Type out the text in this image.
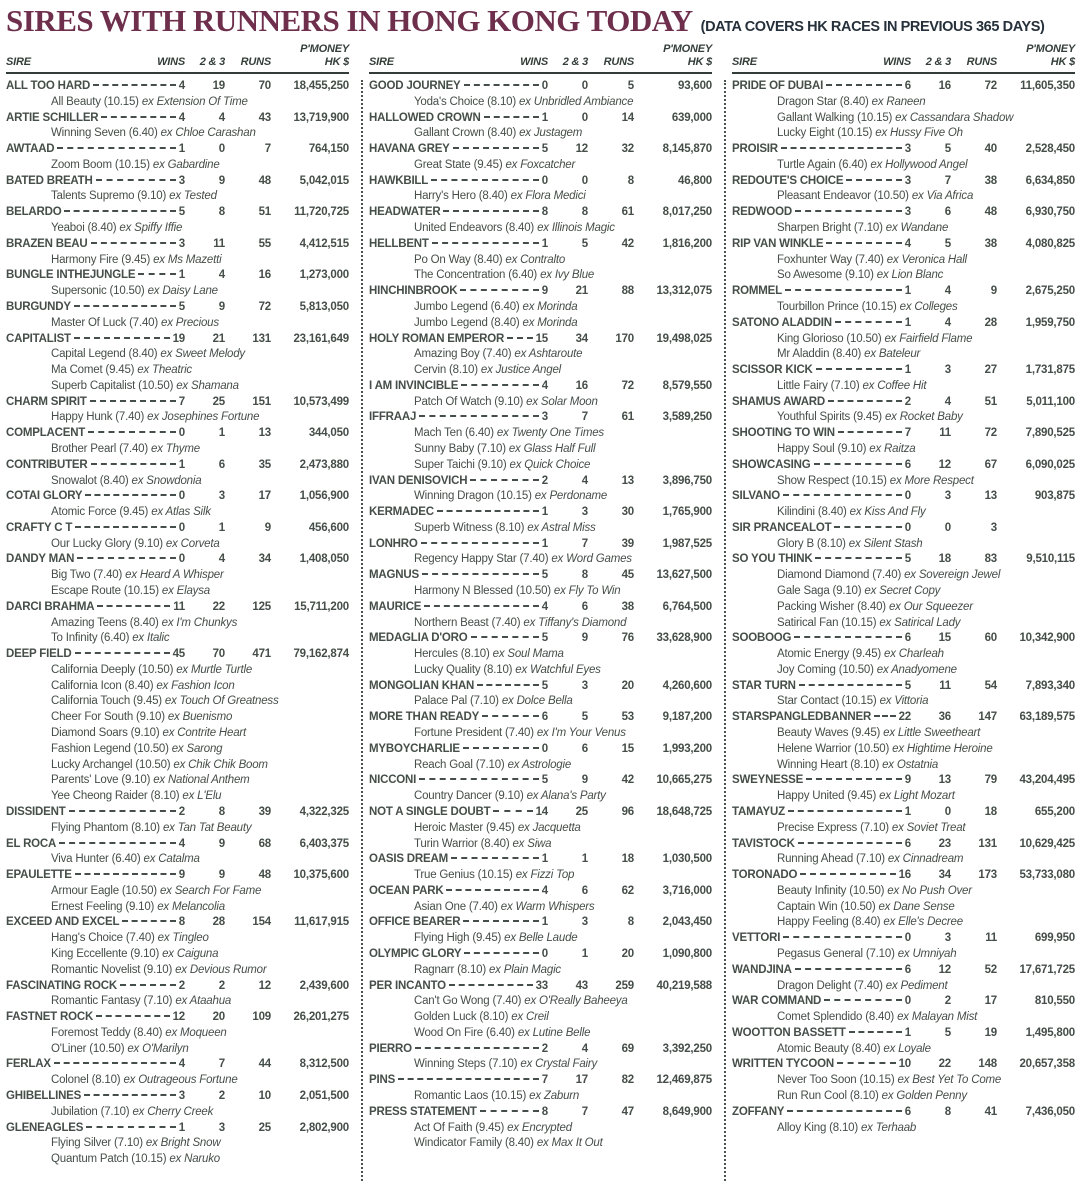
SIRES WITH RUNNERS IN HONG KONG TODAY (DATA COVERS HK RACES IN PREVIOUS 365 DAYS)
P'MONEY
SIRE	WINS	2 & 3	RUNS	HK $
ALL TOO HARD	4	19	70	18,455,250
All Beauty (10.15) ex Extension Of Time
ARTIE SCHILLER	4	4	43	13,719,900
Winning Seven (6.40) ex Chloe Carashan
AWTAAD	1	0	7	764,150
Zoom Boom (10.15) ex Gabardine
BATED BREATH	3	9	48	5,042,015
Talents Supremo (9.10) ex Tested
BELARDO	5	8	51	11,720,725
Yeaboi (8.40) ex Spiffy Iffie
BRAZEN BEAU	3	11	55	4,412,515
Harmony Fire (9.45) ex Ms Mazetti
BUNGLE INTHEJUNGLE	1	4	16	1,273,000
Supersonic (10.50) ex Daisy Lane
BURGUNDY	5	9	72	5,813,050
Master Of Luck (7.40) ex Precious
CAPITALIST	19	21	131	23,161,649
Capital Legend (8.40) ex Sweet Melody
Ma Comet (9.45) ex Theatric
Superb Capitalist (10.50) ex Shamana
CHARM SPIRIT	7	25	151	10,573,499
Happy Hunk (7.40) ex Josephines Fortune
COMPLACENT	0	1	13	344,050
Brother Pearl (7.40) ex Thyme
CONTRIBUTER	1	6	35	2,473,880
Snowalot (8.40) ex Snowdonia
COTAI GLORY	0	3	17	1,056,900
Atomic Force (9.45) ex Atlas Silk
CRAFTY C T	0	1	9	456,600
Our Lucky Glory (9.10) ex Corveta
DANDY MAN	0	4	34	1,408,050
Big Two (7.40) ex Heard A Whisper
Escape Route (10.15) ex Elaysa
DARCI BRAHMA	11	22	125	15,711,200
Amazing Teens (8.40) ex I'm Chunkys
To Infinity (6.40) ex Italic
DEEP FIELD	45	70	471	79,162,874
California Deeply (10.50) ex Murtle Turtle
California Icon (8.40) ex Fashion Icon
California Touch (9.45) ex Touch Of Greatness
Cheer For South (9.10) ex Buenismo
Diamond Soars (9.10) ex Contrite Heart
Fashion Legend (10.50) ex Sarong
Lucky Archangel (10.50) ex Chik Chik Boom
Parents' Love (9.10) ex National Anthem
Yee Cheong Raider (8.10) ex L'Elu
DISSIDENT	2	8	39	4,322,325
Flying Phantom (8.10) ex Tan Tat Beauty
EL ROCA	4	9	68	6,403,375
Viva Hunter (6.40) ex Catalma
EPAULETTE	9	9	48	10,375,600
Armour Eagle (10.50) ex Search For Fame
Ernest Feeling (9.10) ex Melancolia
EXCEED AND EXCEL	8	28	154	11,617,915
Hang's Choice (7.40) ex Tingleo
King Eccellente (9.10) ex Caiguna
Romantic Novelist (9.10) ex Devious Rumor
FASCINATING ROCK	2	2	12	2,439,600
Romantic Fantasy (7.10) ex Ataahua
FASTNET ROCK	12	20	109	26,201,275
Foremost Teddy (8.40) ex Moqueen
O'Liner (10.50) ex O'Marilyn
FERLAX	4	7	44	8,312,500
Colonel (8.10) ex Outrageous Fortune
GHIBELLINES	3	2	10	2,051,500
Jubilation (7.10) ex Cherry Creek
GLENEAGLES	1	3	25	2,802,900
Flying Silver (7.10) ex Bright Snow
Quantum Patch (10.15) ex Naruko
P'MONEY
SIRE	WINS	2 & 3	RUNS	HK $
GOOD JOURNEY	0	0	5	93,600
Yoda's Choice (8.10) ex Unbridled Ambiance
HALLOWED CROWN	1	0	14	639,000
Gallant Crown (8.40) ex Justagem
HAVANA GREY	5	12	32	8,145,870
Great State (9.45) ex Foxcatcher
HAWKBILL	0	0	8	46,800
Harry's Hero (8.40) ex Flora Medici
HEADWATER	8	8	61	8,017,250
United Endeavors (8.40) ex Illinois Magic
HELLBENT	1	5	42	1,816,200
Po On Way (8.40) ex Contralto
The Concentration (6.40) ex Ivy Blue
HINCHINBROOK	9	21	88	13,312,075
Jumbo Legend (6.40) ex Morinda
Jumbo Legend (8.40) ex Morinda
HOLY ROMAN EMPEROR	15	34	170	19,498,025
Amazing Boy (7.40) ex Ashtaroute
Cervin (8.10) ex Justice Angel
I AM INVINCIBLE	4	16	72	8,579,550
Patch Of Watch (9.10) ex Solar Moon
IFFRAAJ	3	7	61	3,589,250
Mach Ten (6.40) ex Twenty One Times
Sunny Baby (7.10) ex Glass Half Full
Super Taichi (9.10) ex Quick Choice
IVAN DENISOVICH	2	4	13	3,896,750
Winning Dragon (10.15) ex Perdoname
KERMADEC	1	3	30	1,765,900
Superb Witness (8.10) ex Astral Miss
LONHRO	1	7	39	1,987,525
Regency Happy Star (7.40) ex Word Games
MAGNUS	5	8	45	13,627,500
Harmony N Blessed (10.50) ex Fly To Win
MAURICE	4	6	38	6,764,500
Northern Beast (7.40) ex Tiffany's Diamond
MEDAGLIA D'ORO	5	9	76	33,628,900
Hercules (8.10) ex Soul Mama
Lucky Quality (8.10) ex Watchful Eyes
MONGOLIAN KHAN	5	3	20	4,260,600
Palace Pal (7.10) ex Dolce Bella
MORE THAN READY	6	5	53	9,187,200
Fortune President (7.40) ex I'm Your Venus
MYBOYCHARLIE	0	6	15	1,993,200
Reach Goal (7.10) ex Astrologie
NICCONI	5	9	42	10,665,275
Country Dancer (9.10) ex Alana's Party
NOT A SINGLE DOUBT	14	25	96	18,648,725
Heroic Master (9.45) ex Jacquetta
Turin Warrior (8.40) ex Siwa
OASIS DREAM	1	1	18	1,030,500
True Genius (10.15) ex Fizzi Top
OCEAN PARK	4	6	62	3,716,000
Asian One (7.40) ex Warm Whispers
OFFICE BEARER	1	3	8	2,043,450
Flying High (9.45) ex Belle Laude
OLYMPIC GLORY	0	1	20	1,090,800
Ragnarr (8.10) ex Plain Magic
PER INCANTO	33	43	259	40,219,588
Can't Go Wong (7.40) ex O'Really Baheeya
Golden Luck (8.10) ex Creil
Wood On Fire (6.40) ex Lutine Belle
PIERRO	2	4	69	3,392,250
Winning Steps (7.10) ex Crystal Fairy
PINS	7	17	82	12,469,875
Romantic Laos (10.15) ex Zaburn
PRESS STATEMENT	8	7	47	8,649,900
Act Of Faith (9.45) ex Encrypted
Windicator Family (8.40) ex Max It Out
P'MONEY
SIRE	WINS	2 & 3	RUNS	HK $
PRIDE OF DUBAI	6	16	72	11,605,350
Dragon Star (8.40) ex Raneen
Gallant Walking (10.15) ex Cassandara Shadow
Lucky Eight (10.15) ex Hussy Five Oh
PROISIR	3	5	40	2,528,450
Turtle Again (6.40) ex Hollywood Angel
REDOUTE'S CHOICE	3	7	38	6,634,850
Pleasant Endeavor (10.50) ex Via Africa
REDWOOD	3	6	48	6,930,750
Sharpen Bright (7.10) ex Wandane
RIP VAN WINKLE	4	5	38	4,080,825
Foxhunter Way (7.40) ex Veronica Hall
So Awesome (9.10) ex Lion Blanc
ROMMEL	1	4	9	2,675,250
Tourbillon Prince (10.15) ex Colleges
SATONO ALADDIN	1	4	28	1,959,750
King Glorioso (10.50) ex Fairfield Flame
Mr Aladdin (8.40) ex Bateleur
SCISSOR KICK	1	3	27	1,731,875
Little Fairy (7.10) ex Coffee Hit
SHAMUS AWARD	2	4	51	5,011,100
Youthful Spirits (9.45) ex Rocket Baby
SHOOTING TO WIN	7	11	72	7,890,525
Happy Soul (9.10) ex Raitza
SHOWCASING	6	12	67	6,090,025
Show Respect (10.15) ex More Respect
SILVANO	0	3	13	903,875
Kilindini (8.40) ex Kiss And Fly
SIR PRANCEALOT	0	0	3
Glory B (8.10) ex Silent Stash
SO YOU THINK	5	18	83	9,510,115
Diamond Diamond (7.40) ex Sovereign Jewel
Gale Saga (9.10) ex Secret Copy
Packing Wisher (8.40) ex Our Squeezer
Satirical Fan (10.15) ex Satirical Lady
SOOBOOG	6	15	60	10,342,900
Atomic Energy (9.45) ex Charleah
Joy Coming (10.50) ex Anadyomene
STAR TURN	5	11	54	7,893,340
Star Contact (10.15) ex Vittoria
STARSPANGLEDBANNER 22	36	147	63,189,575
Beauty Waves (9.45) ex Little Sweetheart
Helene Warrior (10.50) ex Hightime Heroine
Winning Heart (8.10) ex Ostatnia
SWEYNESSE	9	13	79	43,204,495
Happy United (9.45) ex Light Mozart
TAMAYUZ	1	0	18	655,200
Precise Express (7.10) ex Soviet Treat
TAVISTOCK	6	23	131	10,629,425
Running Ahead (7.10) ex Cinnadream
TORONADO	16	34	173	53,733,080
Beauty Infinity (10.50) ex No Push Over
Captain Win (10.50) ex Dane Sense
Happy Feeling (8.40) ex Elle's Decree
VETTORI	0	3	11	699,950
Pegasus General (7.10) ex Umniyah
WANDJINA	6	12	52	17,671,725
Dragon Delight (7.40) ex Pediment
WAR COMMAND	0	2	17	810,550
Comet Splendido (8.40) ex Malayan Mist
WOOTTON BASSETT	1	5	19	1,495,800
Atomic Beauty (8.40) ex Loyale
WRITTEN TYCOON	10	22	148	20,657,358
Never Too Soon (10.15) ex Best Yet To Come
Run Run Cool (8.10) ex Golden Penny
ZOFFANY	6	8	41	7,436,050
Alloy King (8.10) ex Terhaab
